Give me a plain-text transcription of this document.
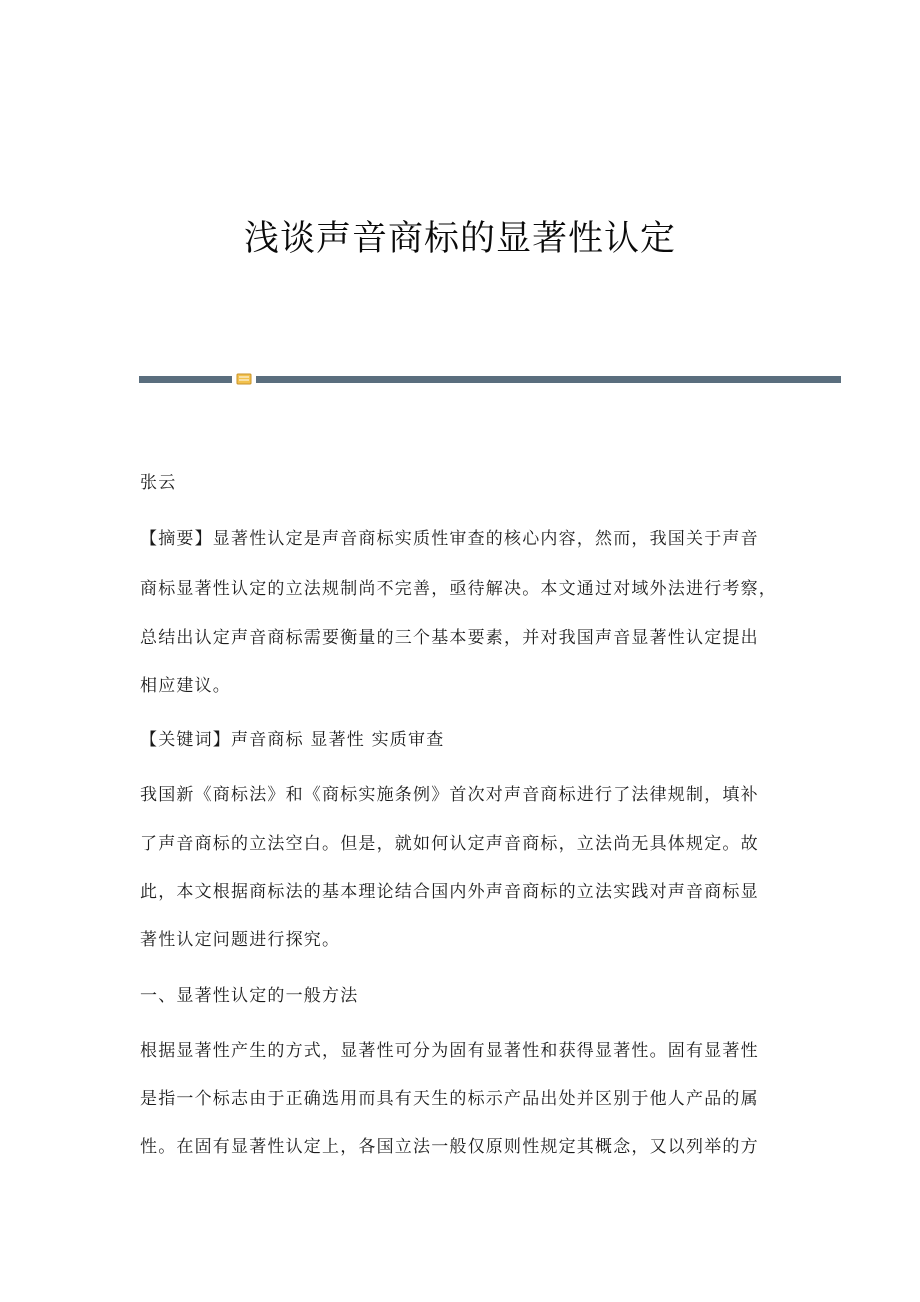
浅谈声音商标的显著性认定
张云
【摘要】显著性认定是声音商标实质性审查的核心内容，然而，我国关于声音
商标显著性认定的立法规制尚不完善，亟待解决。本文通过对域外法进行考察，
总结出认定声音商标需要衡量的三个基本要素，并对我国声音显著性认定提出
相应建议。
【关键词】声音商标 显著性 实质审查
我国新《商标法》和《商标实施条例》首次对声音商标进行了法律规制，填补
了声音商标的立法空白。但是，就如何认定声音商标，立法尚无具体规定。故
此，本文根据商标法的基本理论结合国内外声音商标的立法实践对声音商标显
著性认定问题进行探究。
一、显著性认定的一般方法
根据显著性产生的方式，显著性可分为固有显著性和获得显著性。固有显著性
是指一个标志由于正确选用而具有天生的标示产品出处并区别于他人产品的属
性。在固有显著性认定上，各国立法一般仅原则性规定其概念，又以列举的方
